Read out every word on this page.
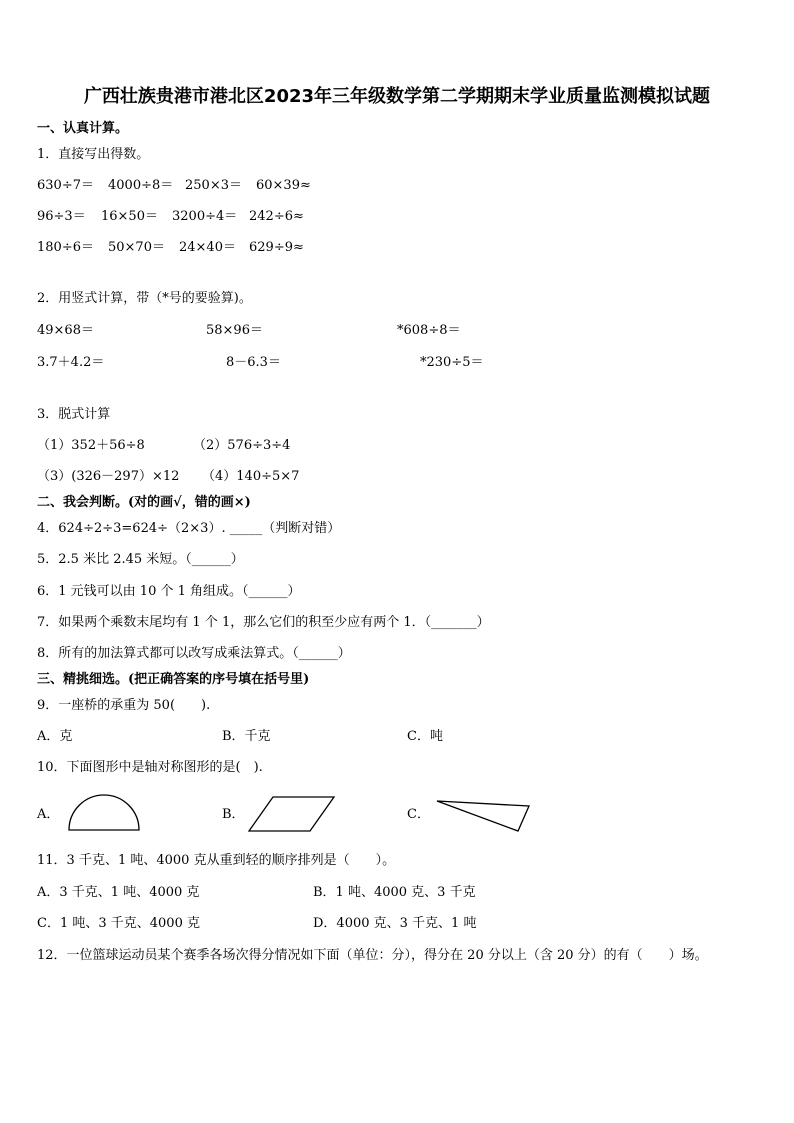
广西壮族贵港市港北区2023年三年级数学第二学期期末学业质量监测模拟试题
一、认真计算。
1．直接写出得数。
630÷7＝ 4000÷8＝ 250×3＝ 60×39≈
96÷3＝ 16×50＝ 3200÷4＝ 242÷6≈
180÷6＝ 50×70＝ 24×40＝ 629÷9≈
2．用竖式计算，带（*号的要验算)。
49×68＝	58×96＝	*608÷8＝
3.7＋4.2＝	8－6.3＝	*230÷5＝
3．脱式计算
（1）352＋56÷8	（2）576÷3÷4
（3）(326－297）×12 （4）140÷5×7
二、我会判断。(对的画√，错的画×)
4．624÷2÷3=624÷（2×3）. _____（判断对错）
5．2.5 米比 2.45 米短。（______）
6．1 元钱可以由 10 个 1 角组成。（______）
7．如果两个乘数末尾均有 1 个 1，那么它们的积至少应有两个 1．（_______）
8．所有的加法算式都可以改写成乘法算式。（______）
三、精挑细选。(把正确答案的序号填在括号里)
9．一座桥的承重为 50(　　).
A．克	B．千克	C．吨
10．下面图形中是轴对称图形的是(　).
A．	B．	C．
11．3 千克、1 吨、4000 克从重到轻的顺序排列是（　　）。
A．3 千克、1 吨、4000 克	B．1 吨、4000 克、3 千克
C．1 吨、3 千克、4000 克	D．4000 克、3 千克、1 吨
12．一位篮球运动员某个赛季各场次得分情况如下面（单位：分），得分在 20 分以上（含 20 分）的有（　　）场。
